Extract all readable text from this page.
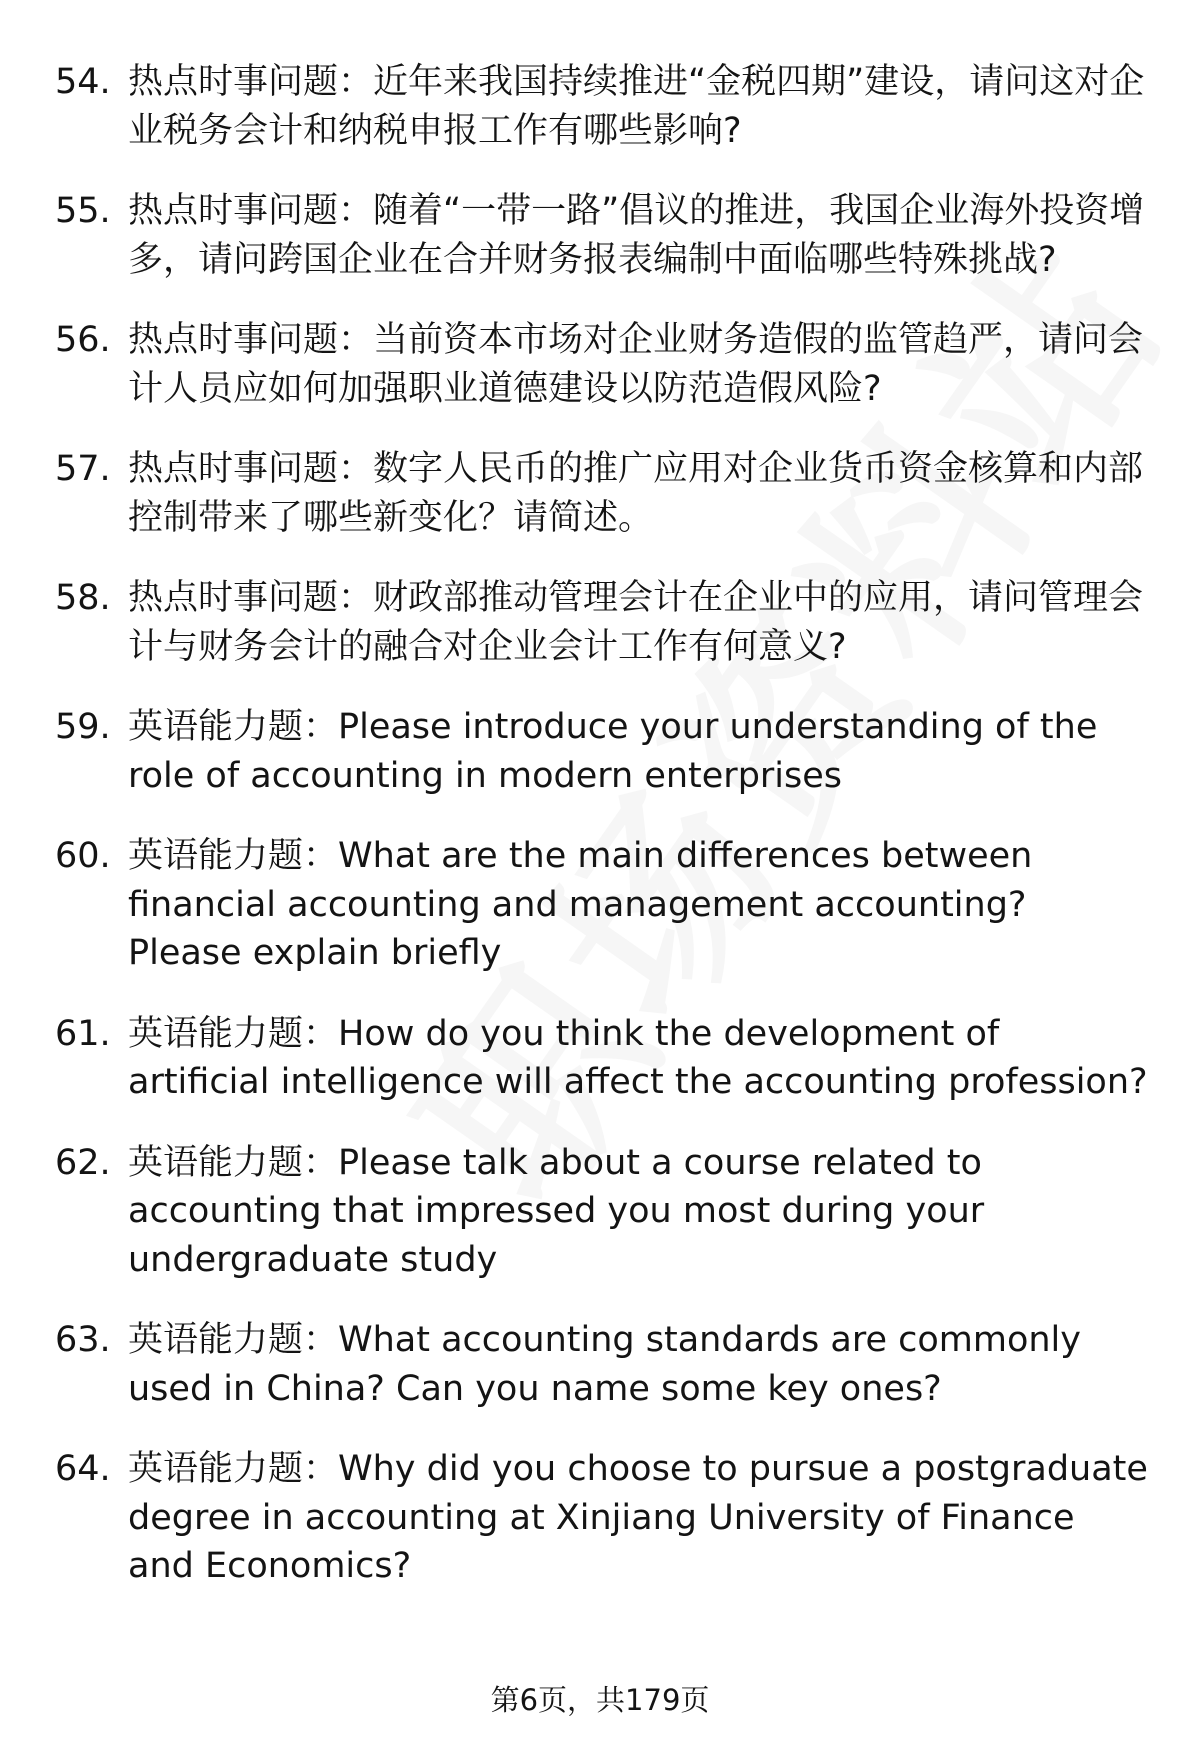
54. 热点时事问题：近年来我国持续推进“金税四期”建设，请问这对企业税务会计和纳税申报工作有哪些影响?
55. 热点时事问题：随着“一带一路”倡议的推进，我国企业海外投资增多，请问跨国企业在合并财务报表编制中面临哪些特殊挑战?
56. 热点时事问题：当前资本市场对企业财务造假的监管趋严，请问会计人员应如何加强职业道德建设以防范造假风险?
57. 热点时事问题：数字人民币的推广应用对企业货币资金核算和内部控制带来了哪些新变化？请简述。
58. 热点时事问题：财政部推动管理会计在企业中的应用，请问管理会计与财务会计的融合对企业会计工作有何意义?
59. 英语能力题：Please introduce your understanding of the role of accounting in modern enterprises
60. 英语能力题：What are the main differences between financial accounting and management accounting? Please explain briefly
61. 英语能力题：How do you think the development of artificial intelligence will affect the accounting profession?
62. 英语能力题：Please talk about a course related to accounting that impressed you most during your undergraduate study
63. 英语能力题：What accounting standards are commonly used in China? Can you name some key ones?
64. 英语能力题：Why did you choose to pursue a postgraduate degree in accounting at Xinjiang University of Finance and Economics?
第6页，共179页
